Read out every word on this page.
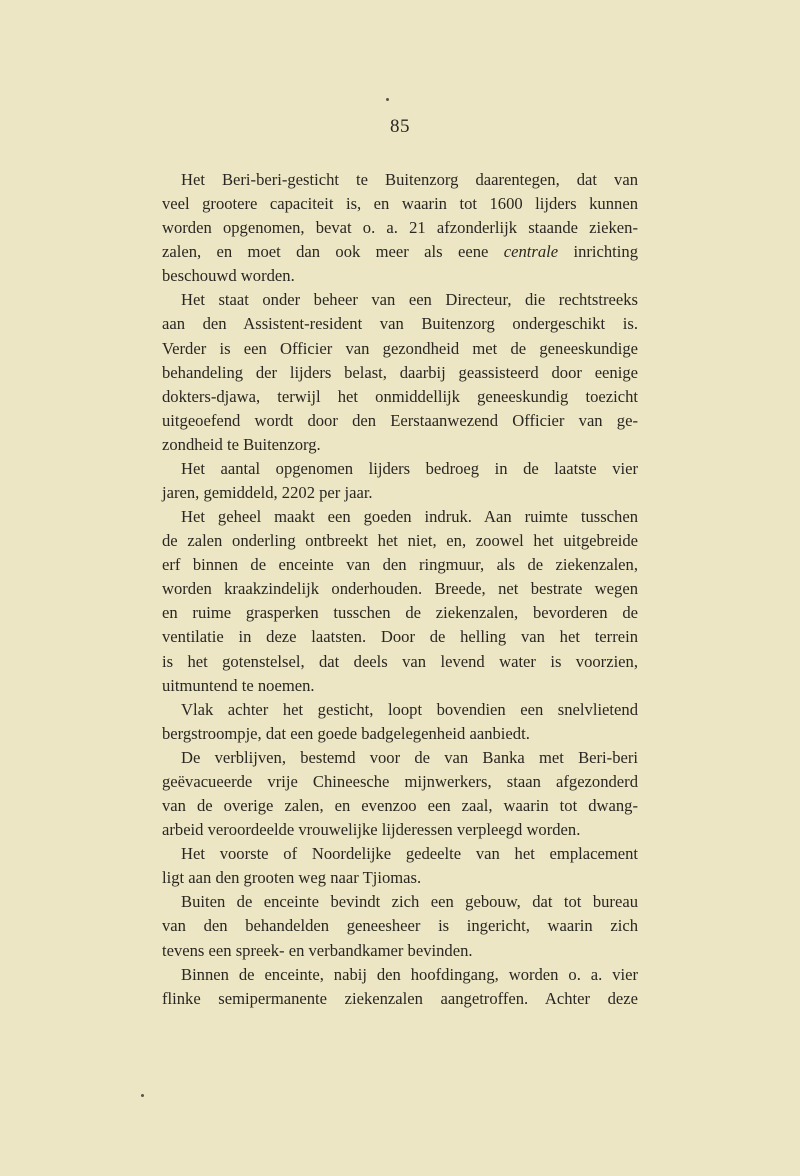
85
Het Beri-beri-gesticht te Buitenzorg daarentegen, dat van
veel grootere capaciteit is, en waarin tot 1600 lijders kunnen
worden opgenomen, bevat o. a. 21 afzonderlijk staande zieken-
zalen, en moet dan ook meer als eene centrale inrichting
beschouwd worden.
Het staat onder beheer van een Directeur, die rechtstreeks
aan den Assistent-resident van Buitenzorg ondergeschikt is.
Verder is een Officier van gezondheid met de geneeskundige
behandeling der lijders belast, daarbij geassisteerd door eenige
dokters-djawa, terwijl het onmiddellijk geneeskundig toezicht
uitgeoefend wordt door den Eerstaanwezend Officier van ge-
zondheid te Buitenzorg.
Het aantal opgenomen lijders bedroeg in de laatste vier
jaren, gemiddeld, 2202 per jaar.
Het geheel maakt een goeden indruk. Aan ruimte tusschen
de zalen onderling ontbreekt het niet, en, zoowel het uitgebreide
erf binnen de enceinte van den ringmuur, als de ziekenzalen,
worden kraakzindelijk onderhouden. Breede, net bestrate wegen
en ruime grasperken tusschen de ziekenzalen, bevorderen de
ventilatie in deze laatsten. Door de helling van het terrein
is het gotenstelsel, dat deels van levend water is voorzien,
uitmuntend te noemen.
Vlak achter het gesticht, loopt bovendien een snelvlietend
bergstroompje, dat een goede badgelegenheid aanbiedt.
De verblijven, bestemd voor de van Banka met Beri-beri
geëvacueerde vrije Chineesche mijnwerkers, staan afgezonderd
van de overige zalen, en evenzoo een zaal, waarin tot dwang-
arbeid veroordeelde vrouwelijke lijderessen verpleegd worden.
Het voorste of Noordelijke gedeelte van het emplacement
ligt aan den grooten weg naar Tjiomas.
Buiten de enceinte bevindt zich een gebouw, dat tot bureau
van den behandelden geneesheer is ingericht, waarin zich
tevens een spreek- en verbandkamer bevinden.
Binnen de enceinte, nabij den hoofdingang, worden o. a. vier
flinke semipermanente ziekenzalen aangetroffen. Achter deze
